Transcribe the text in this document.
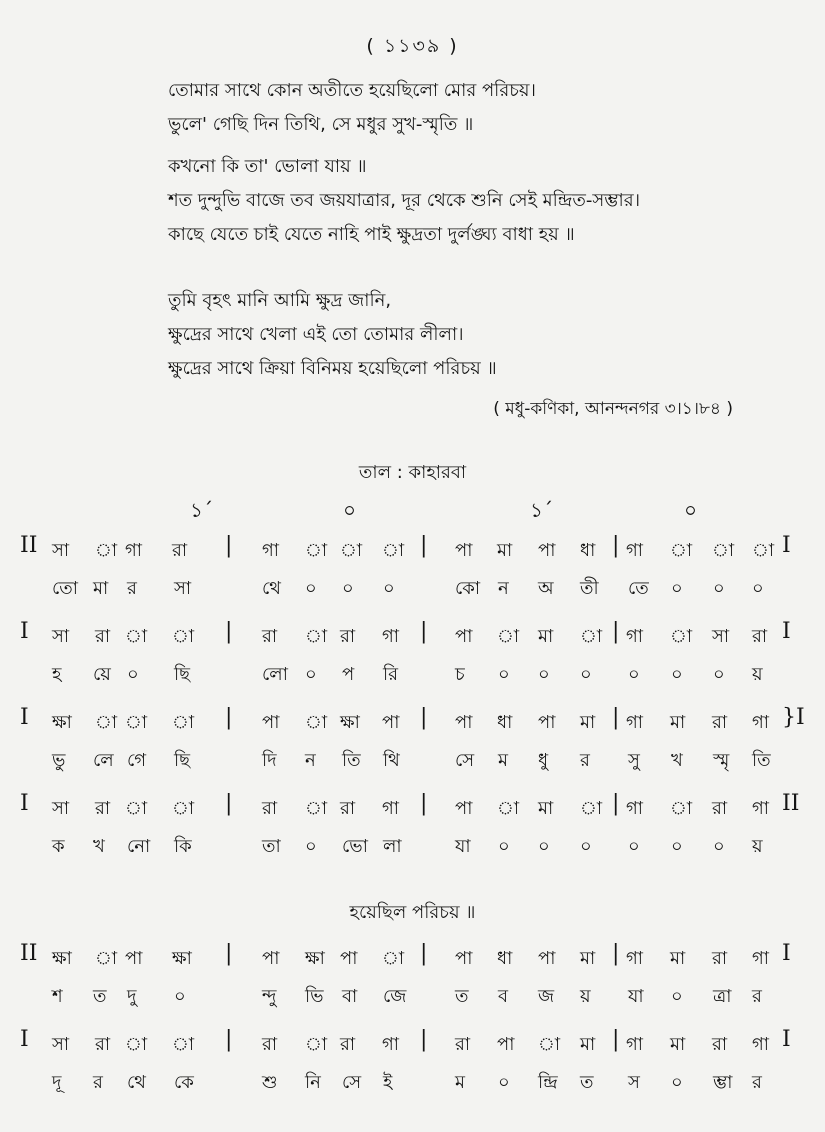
( ১১৩৯ )
তোমার সাথে কোন অতীতে হয়েছিলো মোর পরিচয়।
ভুলে' গেছি দিন তিথি, সে মধুর সুখ-স্মৃতি ॥
কখনো কি তা' ভোলা যায় ॥
শত দুন্দুভি বাজে তব জয়যাত্রার, দূর থেকে শুনি সেই মন্দ্রিত-সম্ভার।
কাছে যেতে চাই যেতে নাহি পাই ক্ষুদ্রতা দুর্লঙ্ঘ্য বাধা হয় ॥
তুমি বৃহৎ মানি আমি ক্ষুদ্র জানি,
ক্ষুদ্রের সাথে খেলা এই তো তোমার লীলা।
ক্ষুদ্রের সাথে ক্রিয়া বিনিময় হয়েছিলো পরিচয় ॥
( মধু-কণিকা, আনন্দনগর ৩।১।৮৪ )
তাল : কাহারবা
১´	০	১´	০
II সা া গা রা | গা া া া | পা মা পা ধা | গা া া া I
তো মা র সা	থে ০ ০ ০	কো ন অ তী তে ০ ০ ০
I সা রা া া | রা া রা গা | পা া মা া | গা া সা রা I
হ য়ে ০ ছি	লো ০ প রি	চ ০ ০ ০ ০ ০ ০ য়
I ক্ষা া া া | পা া ক্ষা পা | পা ধা পা মা | গা মা রা গা }I
ভু লে গে ছি	দি ন তি থি	সে ম ধু র সু খ স্মৃ তি
I সা রা া া | রা া রা গা | পা া মা া | গা া রা গা II
ক খ নো কি	তা ০ ভো লা	যা ০ ০ ০ ০ ০ ০ য়
হয়েছিল পরিচয় ॥
II ক্ষা া পা ক্ষা | পা ক্ষা পা া | পা ধা পা মা | গা মা রা গা I
শ ত দু ০	ন্দু ভি বা জে	ত ব জ য় যা ০ ত্রা র
I সা রা া া | রা া রা গা | রা পা া মা | গা মা রা গা I
দূ র থে কে	শু নি সে ই	ম ০ ন্দ্রি ত স ০ ম্ভা র
